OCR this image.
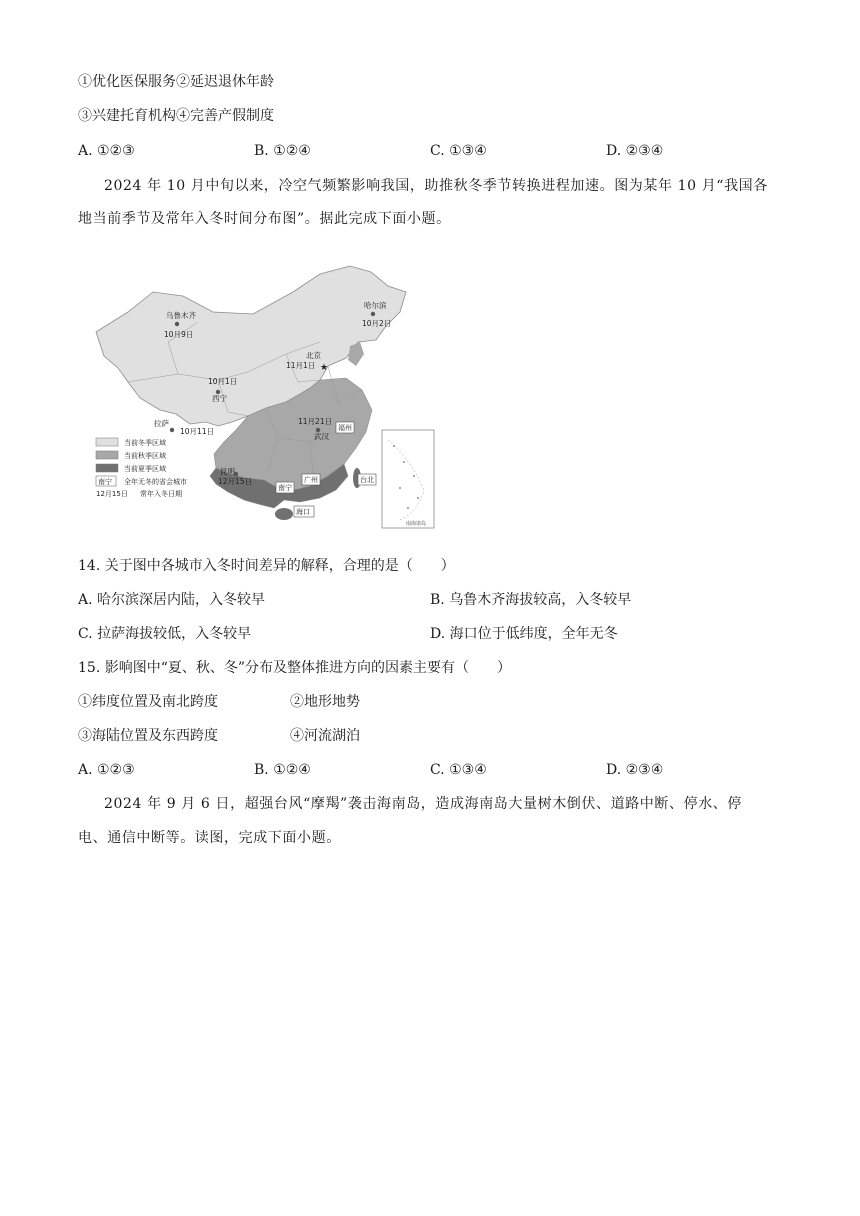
①优化医保服务②延迟退休年龄
③兴建托育机构④完善产假制度
A. ①②③	B. ①②④	C. ①③④	D. ②③④
2024 年 10 月中旬以来，冷空气频繁影响我国，助推秋冬季节转换进程加速。图为某年 10 月“我国各
地当前季节及常年入冬时间分布图”。据此完成下面小题。
南海诸岛
★
乌鲁木齐
10月9日
哈尔滨
10月2日
北京
11月1日
10月1日
西宁
拉萨
10月11日
11月21日
武汉
昆明
12月15日
福州
广州	台北
海口
南宁
当前冬季区域
当前秋季区域
当前夏季区域
南宁 全年无冬的省会城市
12月15日 常年入冬日期
14. 关于图中各城市入冬时间差异的解释，合理的是（　　）
A. 哈尔滨深居内陆，入冬较早	B. 乌鲁木齐海拔较高，入冬较早
C. 拉萨海拔较低，入冬较早	D. 海口位于低纬度，全年无冬
15. 影响图中“夏、秋、冬”分布及整体推进方向的因素主要有（　　）
①纬度位置及南北跨度	②地形地势
③海陆位置及东西跨度	④河流湖泊
A. ①②③	B. ①②④	C. ①③④	D. ②③④
2024 年 9 月 6 日，超强台风“摩羯”袭击海南岛，造成海南岛大量树木倒伏、道路中断、停水、停
电、通信中断等。读图，完成下面小题。
